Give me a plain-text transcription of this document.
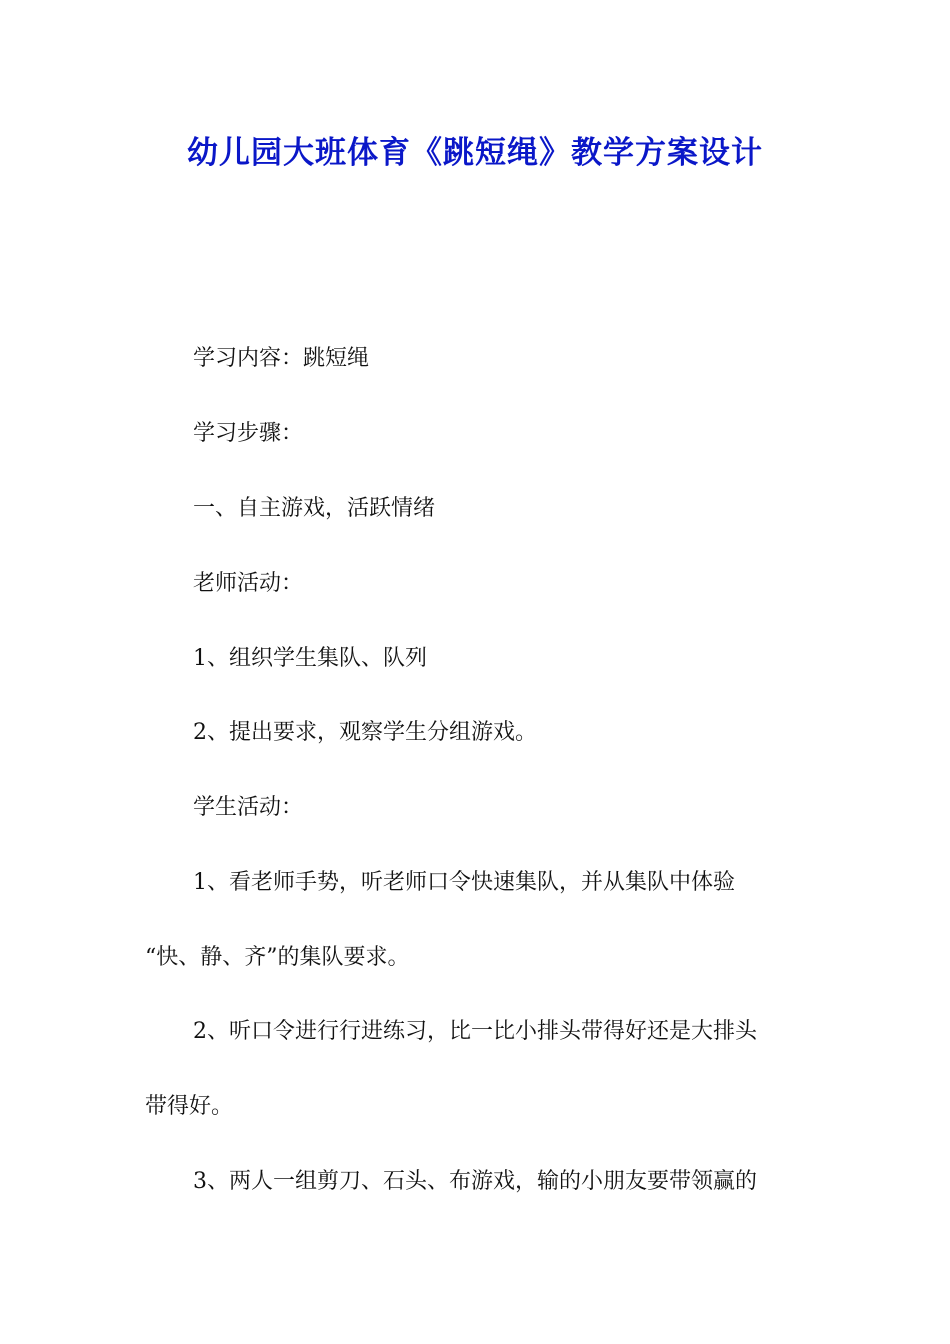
幼儿园大班体育《跳短绳》教学方案设计

学习内容：跳短绳

学习步骤：

一、自主游戏，活跃情绪

老师活动：

1、组织学生集队、队列

2、提出要求，观察学生分组游戏。

学生活动：

1、看老师手势，听老师口令快速集队，并从集队中体验

“快、静、齐”的集队要求。

2、听口令进行行进练习，比一比小排头带得好还是大排头

带得好。

3、两人一组剪刀、石头、布游戏，输的小朋友要带领赢的
